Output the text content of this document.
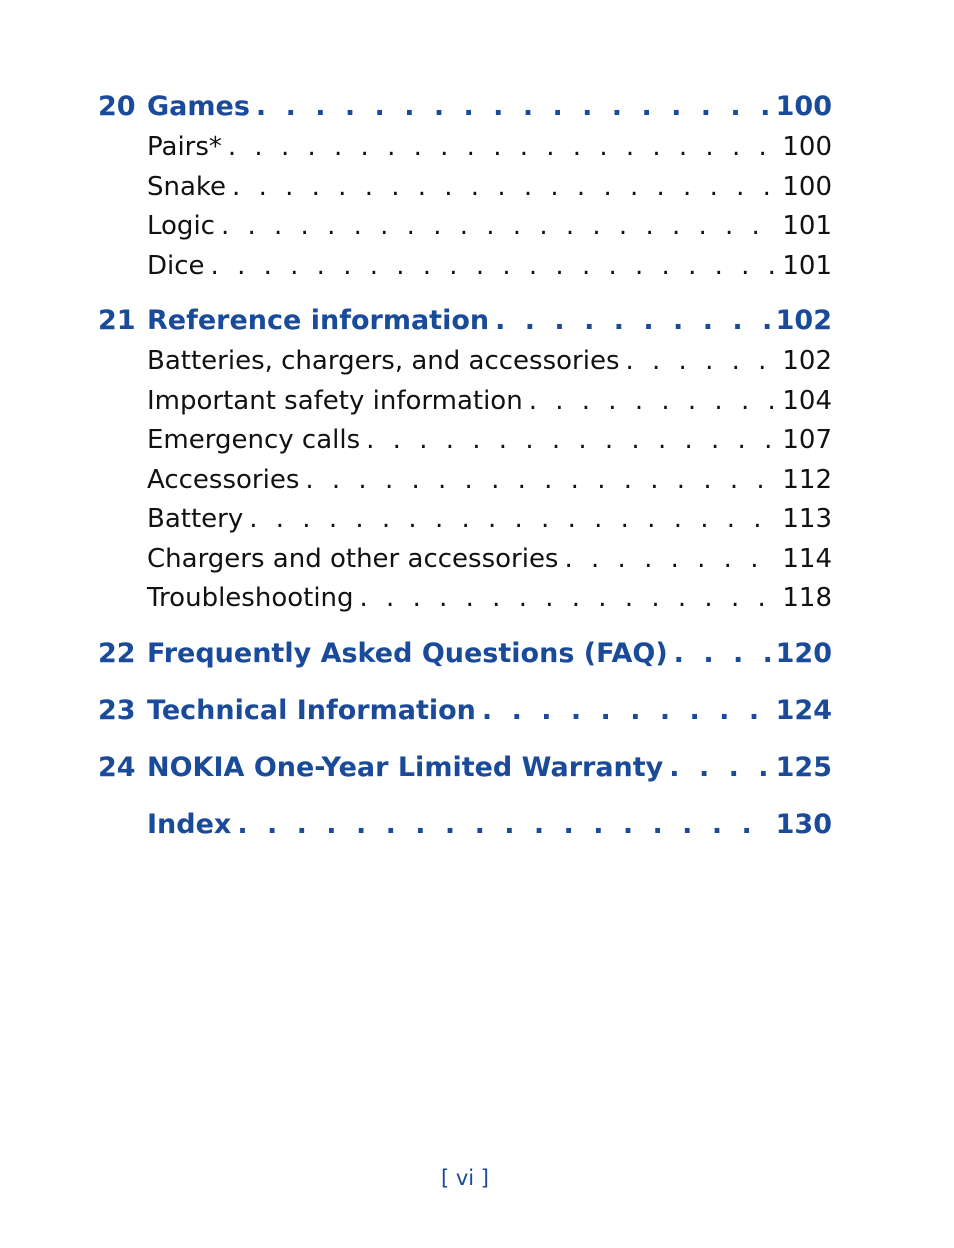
20 Games . . .	100
Pairs* . . .	100
Snake . . .	100
Logic . . .	101
Dice . . .	101
21 Reference information . . .	102
Batteries, chargers, and accessories . . .	102
Important safety information . . .	104
Emergency calls . . .	107
Accessories . . .	112
Battery . . .	113
Chargers and other accessories . . .	114
Troubleshooting . . .	118
22 Frequently Asked Questions (FAQ) . . .	120
23 Technical Information . . .	124
24 NOKIA One-Year Limited Warranty . . .	125
Index . . .	130
[ vi ]
